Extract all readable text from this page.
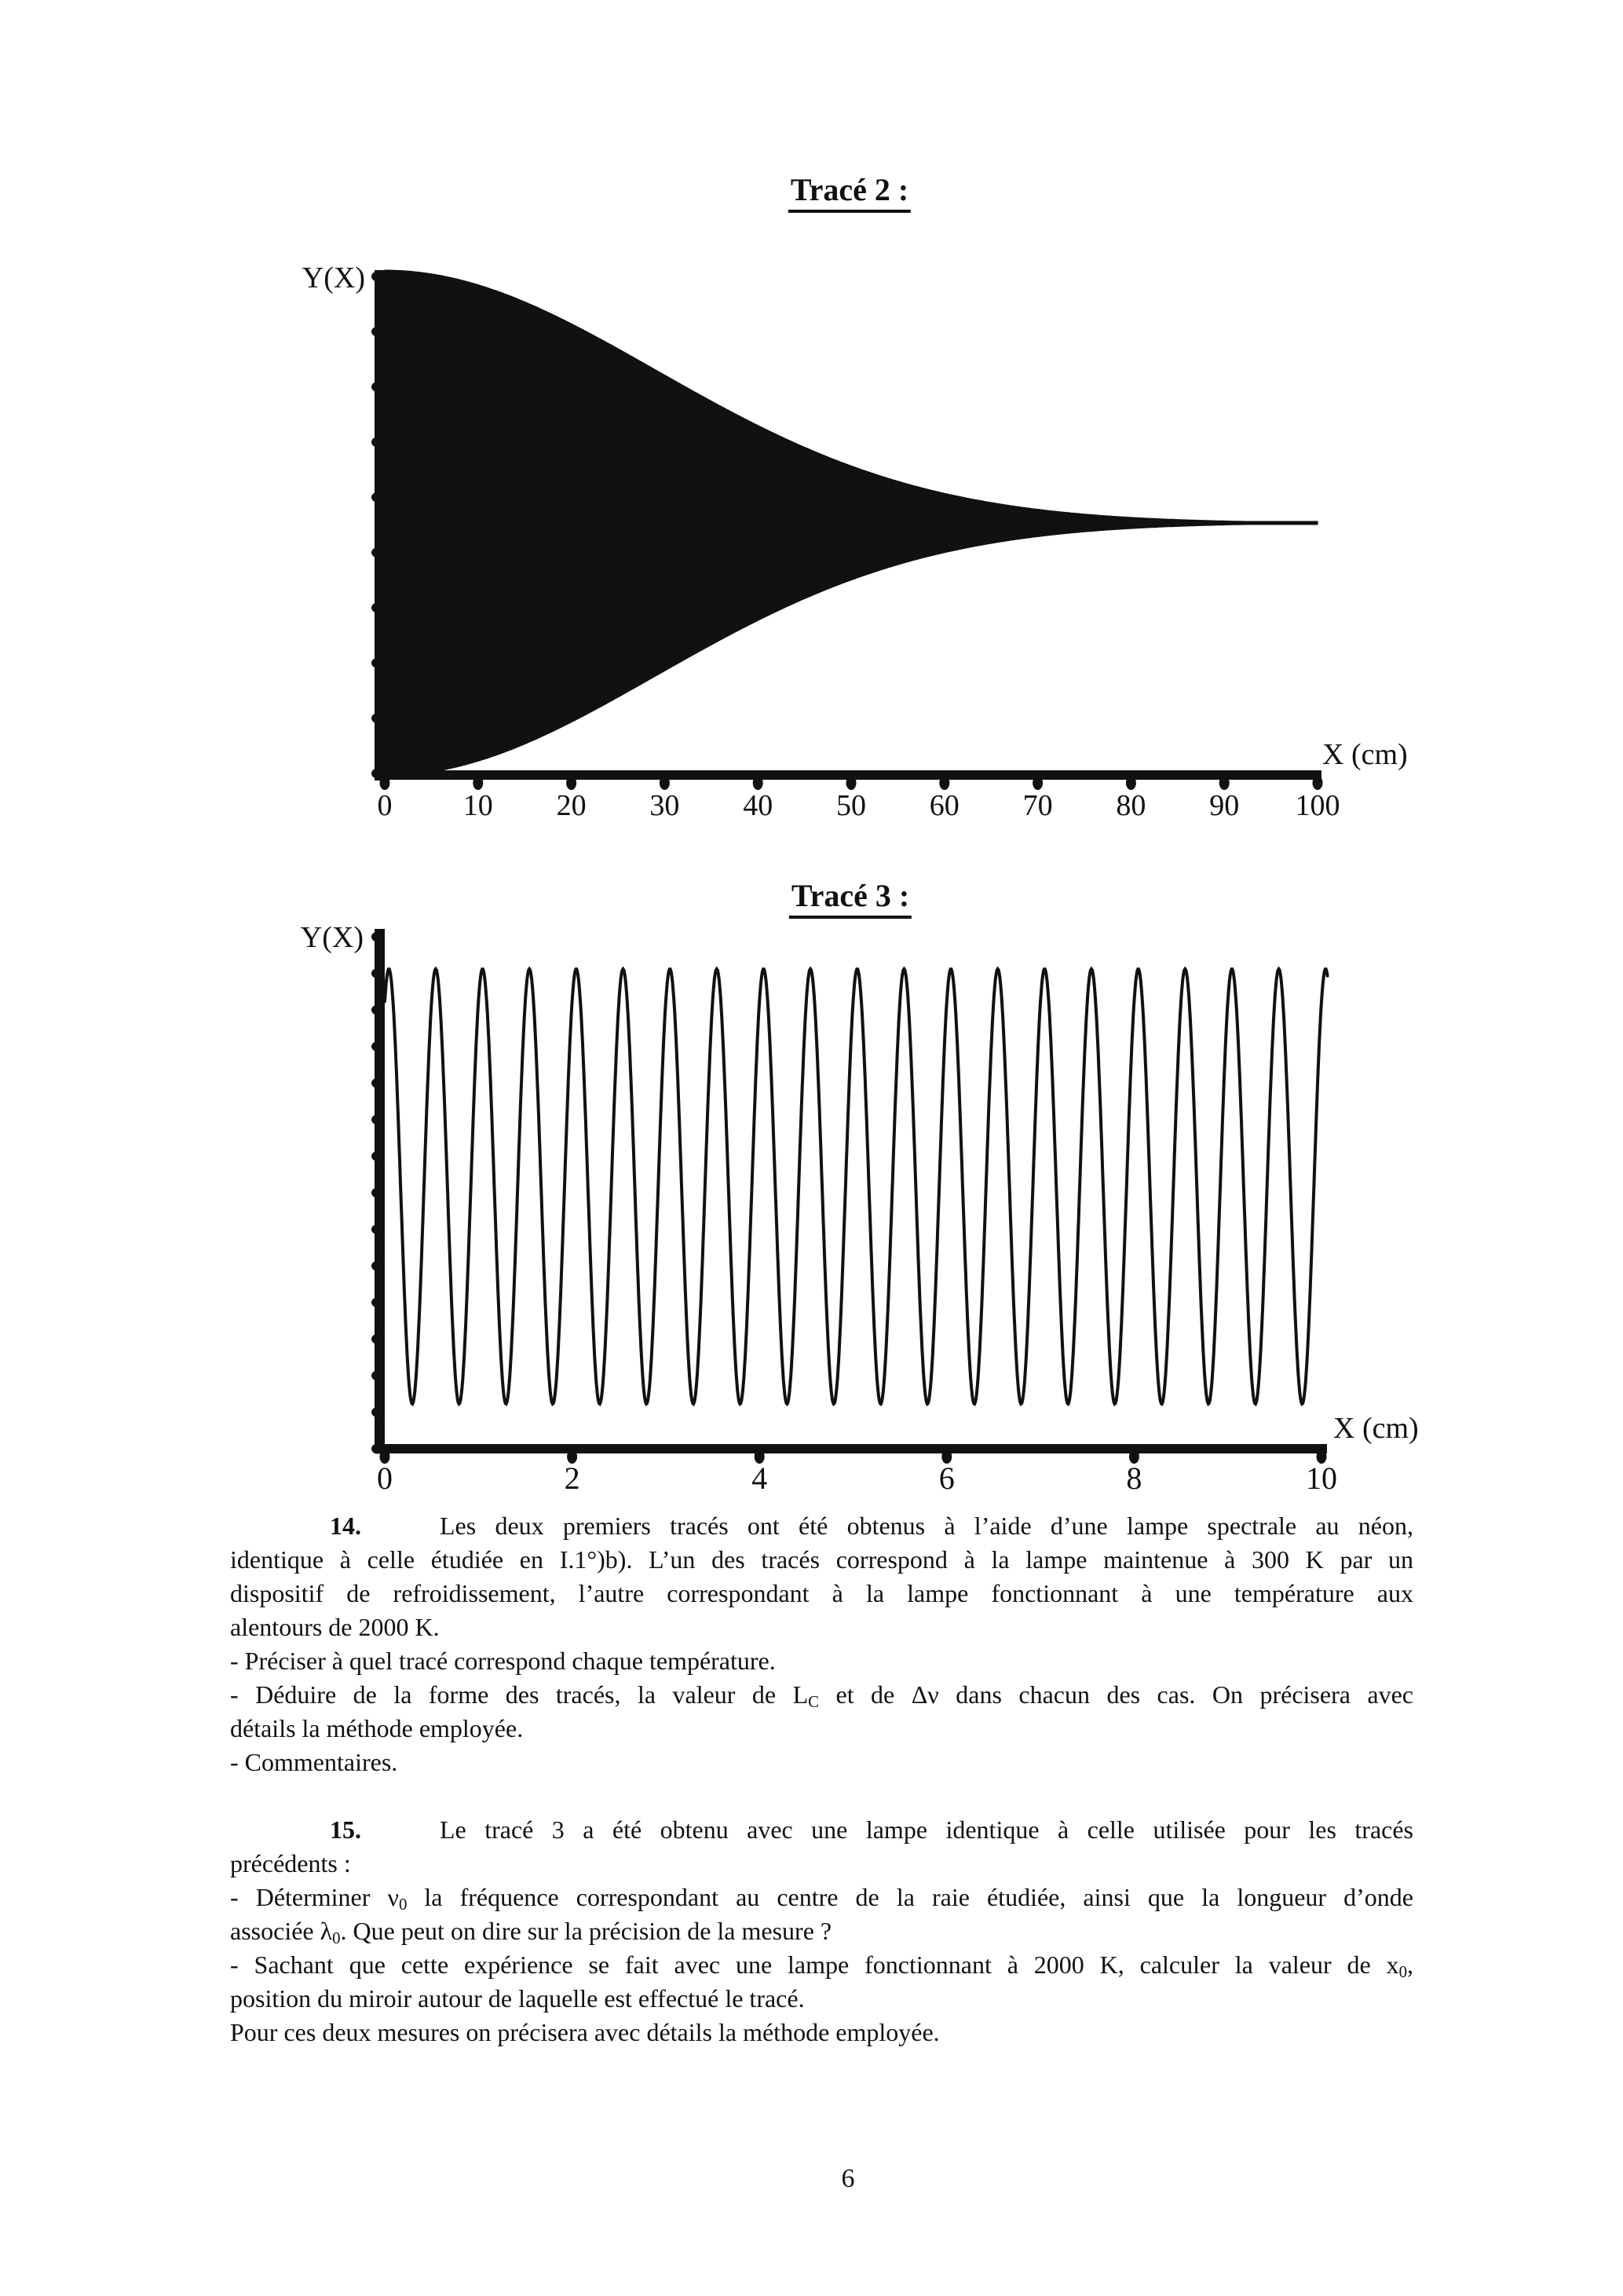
Tracé 2 :
0 10 20 30 40 50 60 70 80 90 100
X (cm)
Y(X)
0	2	4	6	8	10
X (cm)
Y(X)
Tracé 3 :
14.	Les deux premiers tracés ont été obtenus à l’aide d’une lampe spectrale au néon,
identique à celle étudiée en I.1°)b). L’un des tracés correspond à la lampe maintenue à 300 K par un
dispositif de refroidissement, l’autre correspondant à la lampe fonctionnant à une température aux
alentours de 2000 K.
- Préciser à quel tracé correspond chaque température.
- Déduire de la forme des tracés, la valeur de $L_C$ et de Δν dans chacun des cas. On précisera avec
détails la méthode employée.
- Commentaires.

15.	Le tracé 3 a été obtenu avec une lampe identique à celle utilisée pour les tracés
précédents :
- Déterminer $\nu_0$ la fréquence correspondant au centre de la raie étudiée, ainsi que la longueur d’onde
associée $\lambda_0$. Que peut on dire sur la précision de la mesure ?
- Sachant que cette expérience se fait avec une lampe fonctionnant à 2000 K, calculer la valeur de $x_0$,
position du miroir autour de laquelle est effectué le tracé.
Pour ces deux mesures on précisera avec détails la méthode employée.
6
